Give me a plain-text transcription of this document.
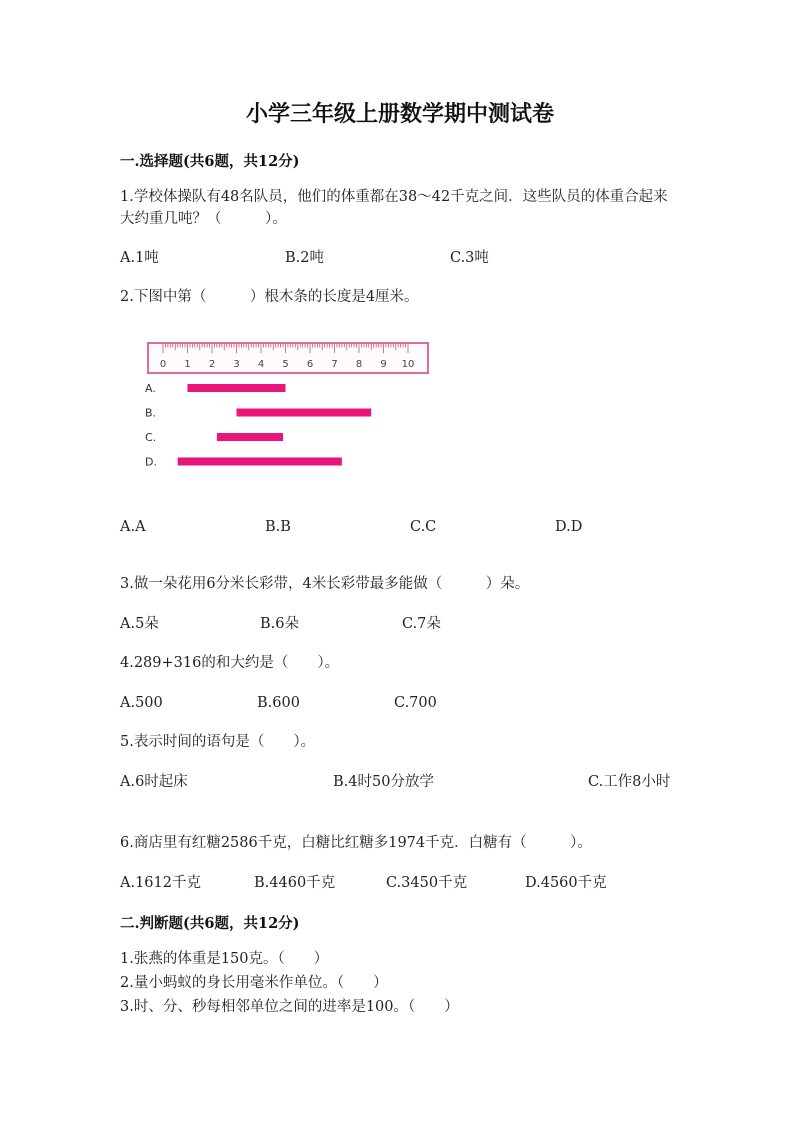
小学三年级上册数学期中测试卷
一.选择题(共6题，共12分)
1.学校体操队有48名队员，他们的体重都在38～42千克之间．这些队员的体重合起来大约重几吨？（　　　）。
A.1吨	B.2吨	C.3吨
2.下图中第（　　　）根木条的长度是4厘米。
0 1 2 3 4 5 6 7 8 9 10
A.
B.
C.
D.
A.A	B.B	C.C	D.D
3.做一朵花用6分米长彩带，4米长彩带最多能做（　　　）朵。
A.5朵	B.6朵	C.7朵
4.289+316的和大约是（　　）。
A.500	B.600	C.700
5.表示时间的语句是（　　）。
A.6时起床	B.4时50分放学	C.工作8小时
6.商店里有红糖2586千克，白糖比红糖多1974千克．白糖有（　　　）。
A.1612千克	B.4460千克	C.3450千克	D.4560千克
二.判断题(共6题，共12分)
1.张燕的体重是150克。（　　）
2.量小蚂蚁的身长用毫米作单位。（　　）
3.时、分、秒每相邻单位之间的进率是100。（　　）
